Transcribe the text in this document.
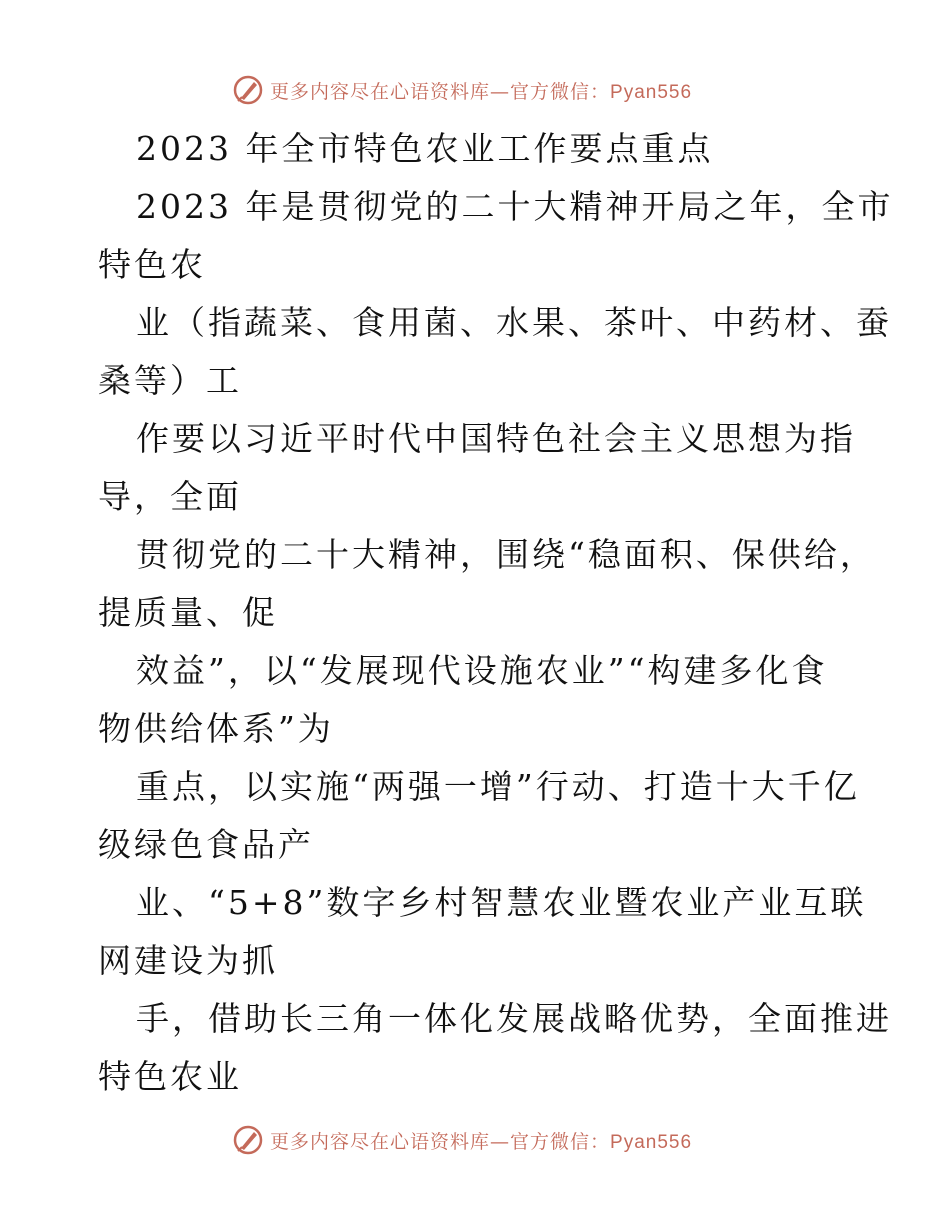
更多内容尽在心语资料库—官方微信：Pyan556
2023 年全市特色农业工作要点重点
2023 年是贯彻党的二十大精神开局之年，全市
特色农
业（指蔬菜、食用菌、水果、茶叶、中药材、蚕
桑等）工
作要以习近平时代中国特色社会主义思想为指
导，全面
贯彻党的二十大精神，围绕“稳面积、保供给，
提质量、促
效益”，以“发展现代设施农业”“构建多化食
物供给体系”为
重点，以实施“两强一增”行动、打造十大千亿
级绿色食品产
业、“5+8”数字乡村智慧农业暨农业产业互联
网建设为抓
手，借助长三角一体化发展战略优势，全面推进
特色农业
更多内容尽在心语资料库—官方微信：Pyan556
